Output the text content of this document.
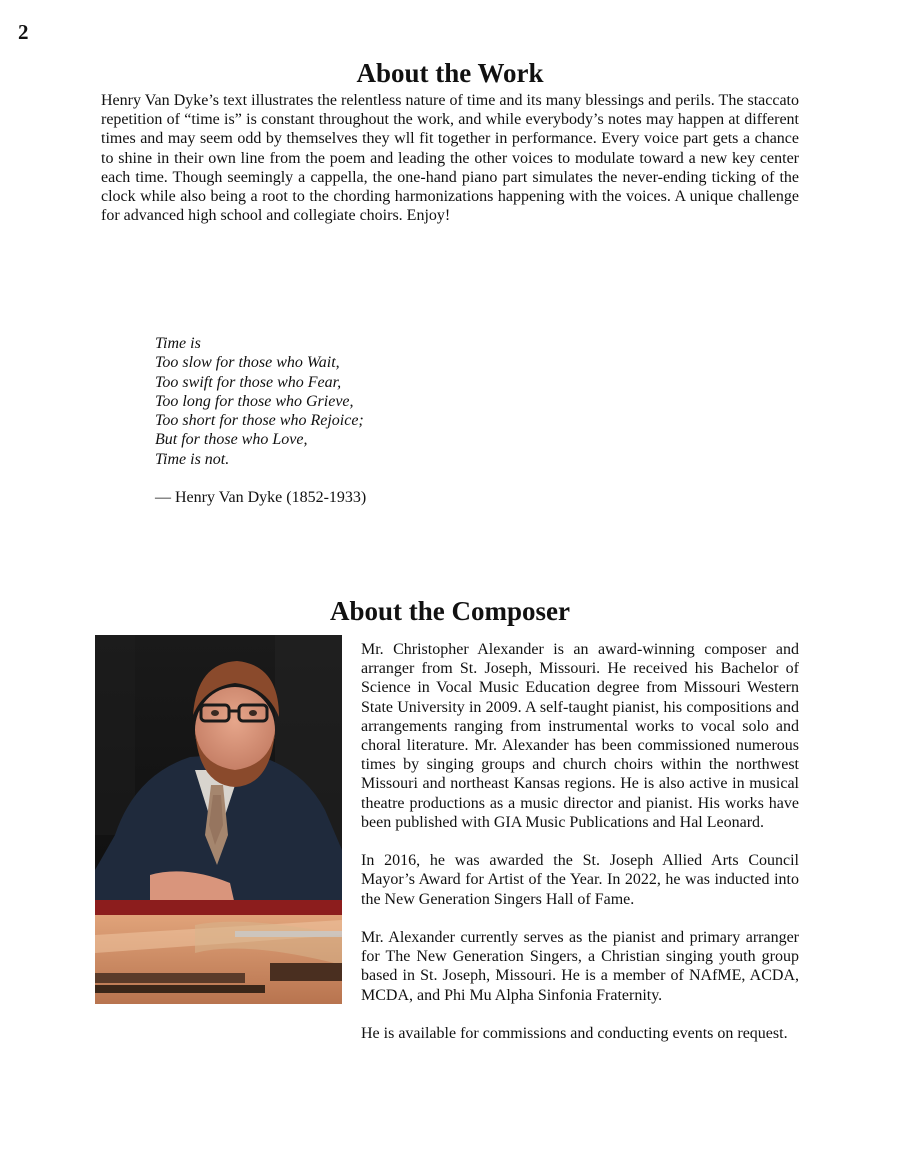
2
About the Work

Henry Van Dyke’s text illustrates the relentless nature of time and its many blessings and perils. The staccato repetition of “time is” is constant throughout the work, and while everybody’s notes may happen at different times and may seem odd by themselves they wll fit together in performance. Every voice part gets a chance to shine in their own line from the poem and leading the other voices to modulate toward a new key center each time. Though seemingly a cappella, the one-hand piano part simulates the never-ending ticking of the clock while also being a root to the chording harmonizations happening with the voices. A unique challenge for advanced high school and collegiate choirs. Enjoy!

Time is
Too slow for those who Wait,
Too swift for those who Fear,
Too long for those who Grieve,
Too short for those who Rejoice;
But for those who Love,
Time is not.
— Henry Van Dyke (1852-1933)
About the Composer

Mr. Christopher Alexander is an award-winning composer and arranger from St. Joseph, Missouri. He received his Bachelor of Science in Vocal Music Education degree from Missouri Western State University in 2009. A self-taught pianist, his compositions and arrangements ranging from instrumental works to vocal solo and choral literature. Mr. Alexander has been commissioned numerous times by singing groups and church choirs within the northwest Missouri and northeast Kansas regions. He is also active in musical theatre productions as a music director and pianist. His works have been published with GIA Music Publications and Hal Leonard.

In 2016, he was awarded the St. Joseph Allied Arts Council Mayor’s Award for Artist of the Year. In 2022, he was inducted into the New Generation Singers Hall of Fame.

Mr. Alexander currently serves as the pianist and primary arranger for The New Generation Singers, a Christian singing youth group based in St. Joseph, Missouri. He is a member of NAfME, ACDA, MCDA, and Phi Mu Alpha Sinfonia Fraternity.

He is available for commissions and conducting events on request.
